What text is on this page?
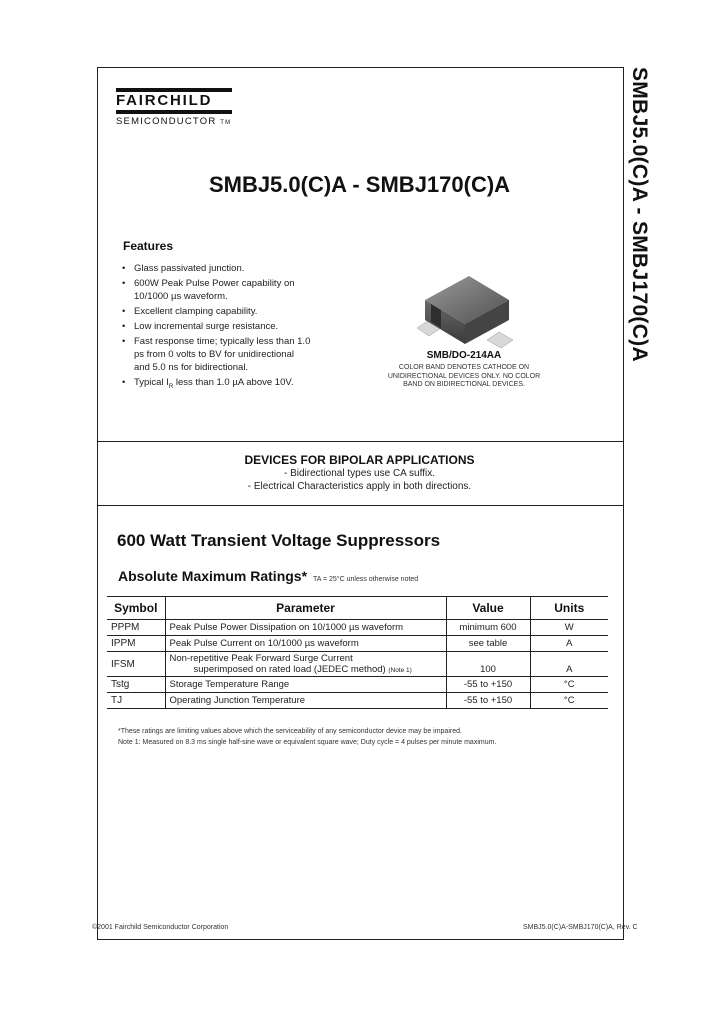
SMBJ5.0(C)A - SMBJ170(C)A
FAIRCHILD
SEMICONDUCTOR TM
SMBJ5.0(C)A - SMBJ170(C)A
Features
• Glass passivated junction.
• 600W Peak Pulse Power capability on 10/1000 µs waveform.
• Excellent clamping capability.
• Low incremental surge resistance.
• Fast response time; typically less than 1.0 ps from 0 volts to BV for unidirectional and 5.0 ns for bidirectional.
• Typical $I_R$ less than 1.0 µA above 10V.
SMB/DO-214AA
COLOR BAND DENOTES CATHODE ON UNIDIRECTIONAL DEVICES ONLY. NO COLOR BAND ON BIDIRECTIONAL DEVICES.
DEVICES FOR BIPOLAR APPLICATIONS
- Bidirectional types use CA suffix.
- Electrical Characteristics apply in both directions.
600 Watt Transient Voltage Suppressors
Absolute Maximum Ratings* TA = 25°C unless otherwise noted
Symbol	Parameter	Value	Units
PPPM	Peak Pulse Power Dissipation on 10/1000 µs waveform	minimum 600	W
IPPM	Peak Pulse Current on 10/1000 µs waveform	see table	A
IFSM	Non-repetitive Peak Forward Surge Current
superimposed on rated load (JEDEC method) (Note 1)	100	A
Tstg	Storage Temperature Range	-55 to +150	°C
TJ	Operating Junction Temperature	-55 to +150	°C
*These ratings are limiting values above which the serviceability of any semiconductor device may be impaired.
Note 1: Measured on 8.3 ms single half-sine wave or equivalent square wave; Duty cycle = 4 pulses per minute maximum.
©2001 Fairchild Semiconductor Corporation	SMBJ5.0(C)A-SMBJ170(C)A, Rev. C
